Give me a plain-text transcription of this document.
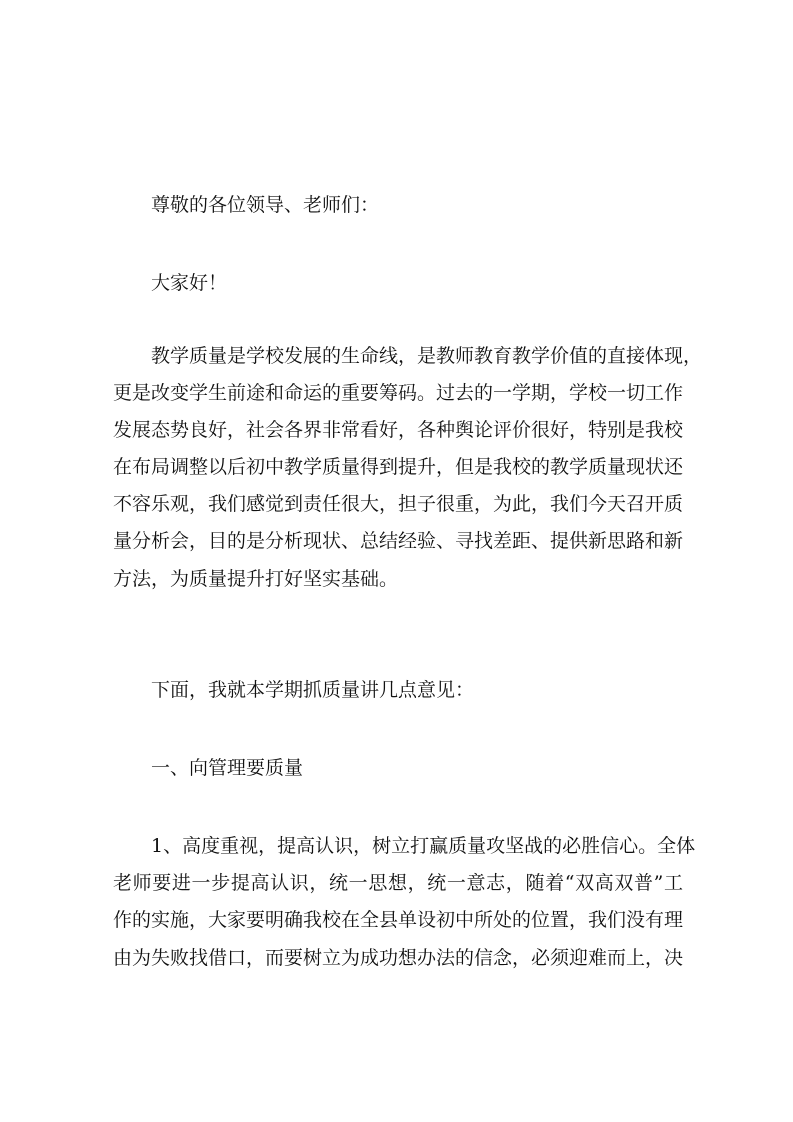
尊敬的各位领导、老师们：
大家好！
教学质量是学校发展的生命线，是教师教育教学价值的直接体现，
更是改变学生前途和命运的重要筹码。过去的一学期，学校一切工作
发展态势良好，社会各界非常看好，各种舆论评价很好，特别是我校
在布局调整以后初中教学质量得到提升，但是我校的教学质量现状还
不容乐观，我们感觉到责任很大，担子很重，为此，我们今天召开质
量分析会，目的是分析现状、总结经验、寻找差距、提供新思路和新
方法，为质量提升打好坚实基础。
下面，我就本学期抓质量讲几点意见：
一、向管理要质量
1、高度重视，提高认识，树立打赢质量攻坚战的必胜信心。全体
老师要进一步提高认识，统一思想，统一意志，随着“双高双普”工
作的实施，大家要明确我校在全县单设初中所处的位置，我们没有理
由为失败找借口，而要树立为成功想办法的信念，必须迎难而上，决
